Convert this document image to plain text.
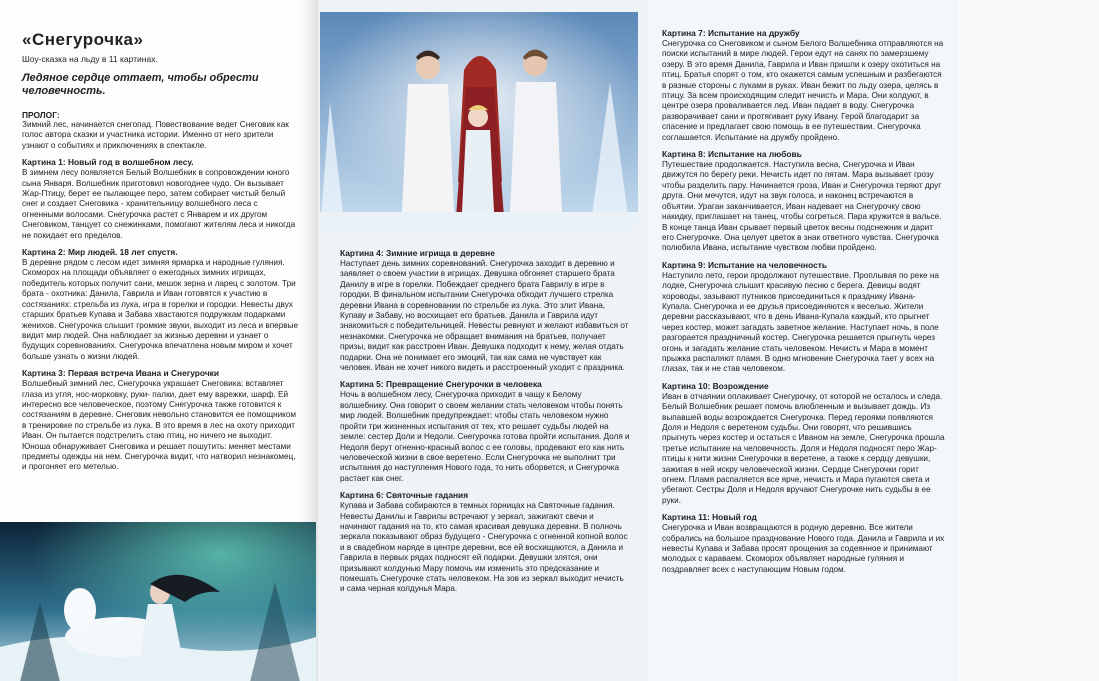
«Снегурочка»

Шоу-сказка на льду в 11 картинах.

Ледяное сердце оттает, чтобы обрести человечность.

ПРОЛОГ:

Зимний лес, начинается снегопад. Повествование ведет Снеговик как голос автора сказки и участника истории. Именно от него зрители узнают о событиях и приключениях в спектакле.

Картина 1: Новый год в волшебном лесу.

В зимнем лесу появляется Белый Волшебник в сопровождении юного сына Января. Волшебник приготовил новогоднее чудо. Он вызывает Жар-Птицу, берет ее пылающее перо, затем собирает чистый белый снег и создает Снеговика - хранительницу волшебного леса с огненными волосами. Снегурочка растет с Январем и их другом Снеговиком, танцует со снежинками, помогают жителям леса и никогда не покидает его пределов.

Картина 2: Мир людей. 18 лет спустя.

В деревне рядом с лесом идет зимняя ярмарка и народные гуляния. Скоморох на площади объявляет о ежегодных зимних игрищах, победитель которых получит сани, мешок зерна и ларец с золотом. Три брата - охотника: Данила, Гаврила и Иван готовятся к участию в состязаниях: стрельба из лука, игра в горелки и городки. Невесты двух старших братьев Купава и Забава хвастаются подружкам подарками женихов. Снегурочка слышит громкие звуки, выходит из леса и впервые видит мир людей. Она наблюдает за жизнью деревни и узнает о будущих соревнованиях. Снегурочка впечатлена новым миром и хочет больше узнать о жизни людей.

Картина 3: Первая встреча Ивана и Снегурочки

Волшебный зимний лес, Снегурочка украшает Снеговика: вставляет глаза из угля, нос-морковку, руки- палки, дает ему варежки, шарф. Ей интересно все человеческое, поэтому Снегурочка также готовится к состязаниям в деревне. Снеговик невольно становится ее помощником в тренировке по стрельбе из лука. В это время в лес на охоту приходит Иван. Он пытается подстрелить стаю птиц, но ничего не выходит. Юноша обнаруживает Снеговика и решает пошутить: меняет местами предметы одежды на нем. Снегурочка видит, что натворил незнакомец, и прогоняет его метелью.

Картина 4: Зимние игрища в деревне

Наступает день зимних соревнований. Снегурочка заходит в деревню и заявляет о своем участии в игрищах. Девушка обгоняет старшего брата Данилу в игре в горелки. Побеждает среднего брата Гаврилу в игре в городки. В финальном испытании Снегурочка обходит лучшего стрелка деревни Ивана в соревновании по стрельбе из лука. Это злит Ивана, Купаву и Забаву, но восхищает его братьев. Данила и Гаврила идут знакомиться с победительницей. Невесты ревнуют и желают избавиться от незнакомки. Снегурочка не обращает внимания на братьев, получает призы, видит как расстроен Иван. Девушка подходит к нему, желая отдать подарки. Она не понимает его эмоций, так как сама не чувствует как человек. Иван не хочет никого видеть и расстроенный уходит с праздника.

Картина 5: Превращение Снегурочки в человека

Ночь в волшебном лесу, Снегурочка приходит в чащу к Белому волшебнику. Она говорит о своем желании стать человеком чтобы понять мир людей. Волшебник предупреждает: чтобы стать человеком нужно пройти три жизненных испытания от тех, кто решает судьбы людей на земле: сестер Доли и Недоли. Снегурочка готова пройти испытания. Доля и Недоля берут огненно-красный волос с ее головы, продевают его как нить человеческой жизни в свое веретено. Если Снегурочка не выполнит три испытания до наступления Нового года, то нить оборвется, и Снегурочка растает как снег.

Картина 6: Святочные гадания

Купава и Забава собираются в темных горницах на Святочные гадания. Невесты Данилы и Гаврилы встречают у зеркал, зажигают свечи и начинают гадания на то, кто самая красивая девушка деревни. В полночь зеркала показывают образ будущего - Снегурочка с огненной копной волос и в свадебном наряде в центре деревни, все ей восхищаются, а Данила и Гаврила в первых рядах подносят ей подарки. Девушки злятся, они призывают колдунью Мару помочь им изменить это предсказание и помешать Снегурочке стать человеком. На зов из зеркал выходит нечисть и сама черная колдунья Мара.

Картина 7: Испытание на дружбу

Снегурочка со Снеговиком и сыном Белого Волшебника отправляются на поиски испытаний в мире людей. Герои едут на санях по замерзшему озеру. В это время Данила, Гаврила и Иван пришли к озеру охотиться на птиц. Братья спорят о том, кто окажется самым успешным и разбегаются в разные стороны с луками в руках. Иван бежит по льду озера, целясь в птицу. За всем происходящим следит нечисть и Мара. Они колдуют, в центре озера проваливается лед. Иван падает в воду. Снегурочка разворачивает сани и протягивает руку Ивану. Герой благодарит за спасение и предлагает свою помощь в ее путешествии. Снегурочка соглашается. Испытание на дружбу пройдено.

Картина 8: Испытание на любовь

Путешествие продолжается. Наступила весна, Снегурочка и Иван движутся по берегу реки. Нечисть идет по пятам. Мара вызывает грозу чтобы разделить пару. Начинается гроза, Иван и Снегурочка теряют друг друга. Они мечутся, идут на звук голоса, и наконец встречаются в объятии. Ураган заканчивается, Иван надевает на Снегурочку свою накидку, приглашает на танец, чтобы согреться. Пара кружится в вальсе. В конце танца Иван срывает первый цветок весны подснежник и дарит его Снегурочке. Она целует цветок в знак ответного чувства. Снегурочка полюбила Ивана, испытание чувством любви пройдено.

Картина 9: Испытание на человечность

Наступило лето, герои продолжают путешествие. Проплывая по реке на лодке, Снегурочка слышит красивую песню с берега. Девицы водят хороводы, зазывают путников присоединиться к празднику Ивана-Купала. Снегурочка и ее друзья присоединяются к веселью. Жители деревни рассказывают, что в день Ивана-Купала каждый, кто прыгнет через костер, может загадать заветное желание. Наступает ночь, в поле разгорается праздничный костер. Снегурочка решается прыгнуть через огонь и загадать желание стать человеком. Нечисть и Мара в момент прыжка распаляют пламя. В одно мгновение Снегурочка тает у всех на глазах, так и не став человеком.

Картина 10: Возрождение

Иван в отчаянии оплакивает Снегурочку, от которой не осталось и следа. Белый Волшебник решает помочь влюбленным и вызывает дождь. Из выпавшей воды возрождается Снегурочка. Перед героями появляются Доля и Недоля с веретеном судьбы. Они говорят, что решившись прыгнуть через костер и остаться с Иваном на земле, Снегурочка прошла третье испытание на человечность. Доля и Недоля подносят перо Жар-птицы к нити жизни Снегурочки в веретене, а также к сердцу девушки, зажигая в ней искру человеческой жизни. Сердце Снегурочки горит огнем. Пламя распаляется все ярче, нечисть и Мара пугаются света и убегают. Сестры Доля и Недоля вручают Снегурочке нить судьбы в ее руки.

Картина 11: Новый год

Снегурочка и Иван возвращаются в родную деревню. Все жители собрались на большое празднование Нового года. Данила и Гаврила и их невесты Купава и Забава просят прощения за содеянное и принимают молодых с караваем. Скоморох объявляет народные гуляния и поздравляет всех с наступающим Новым годом.
